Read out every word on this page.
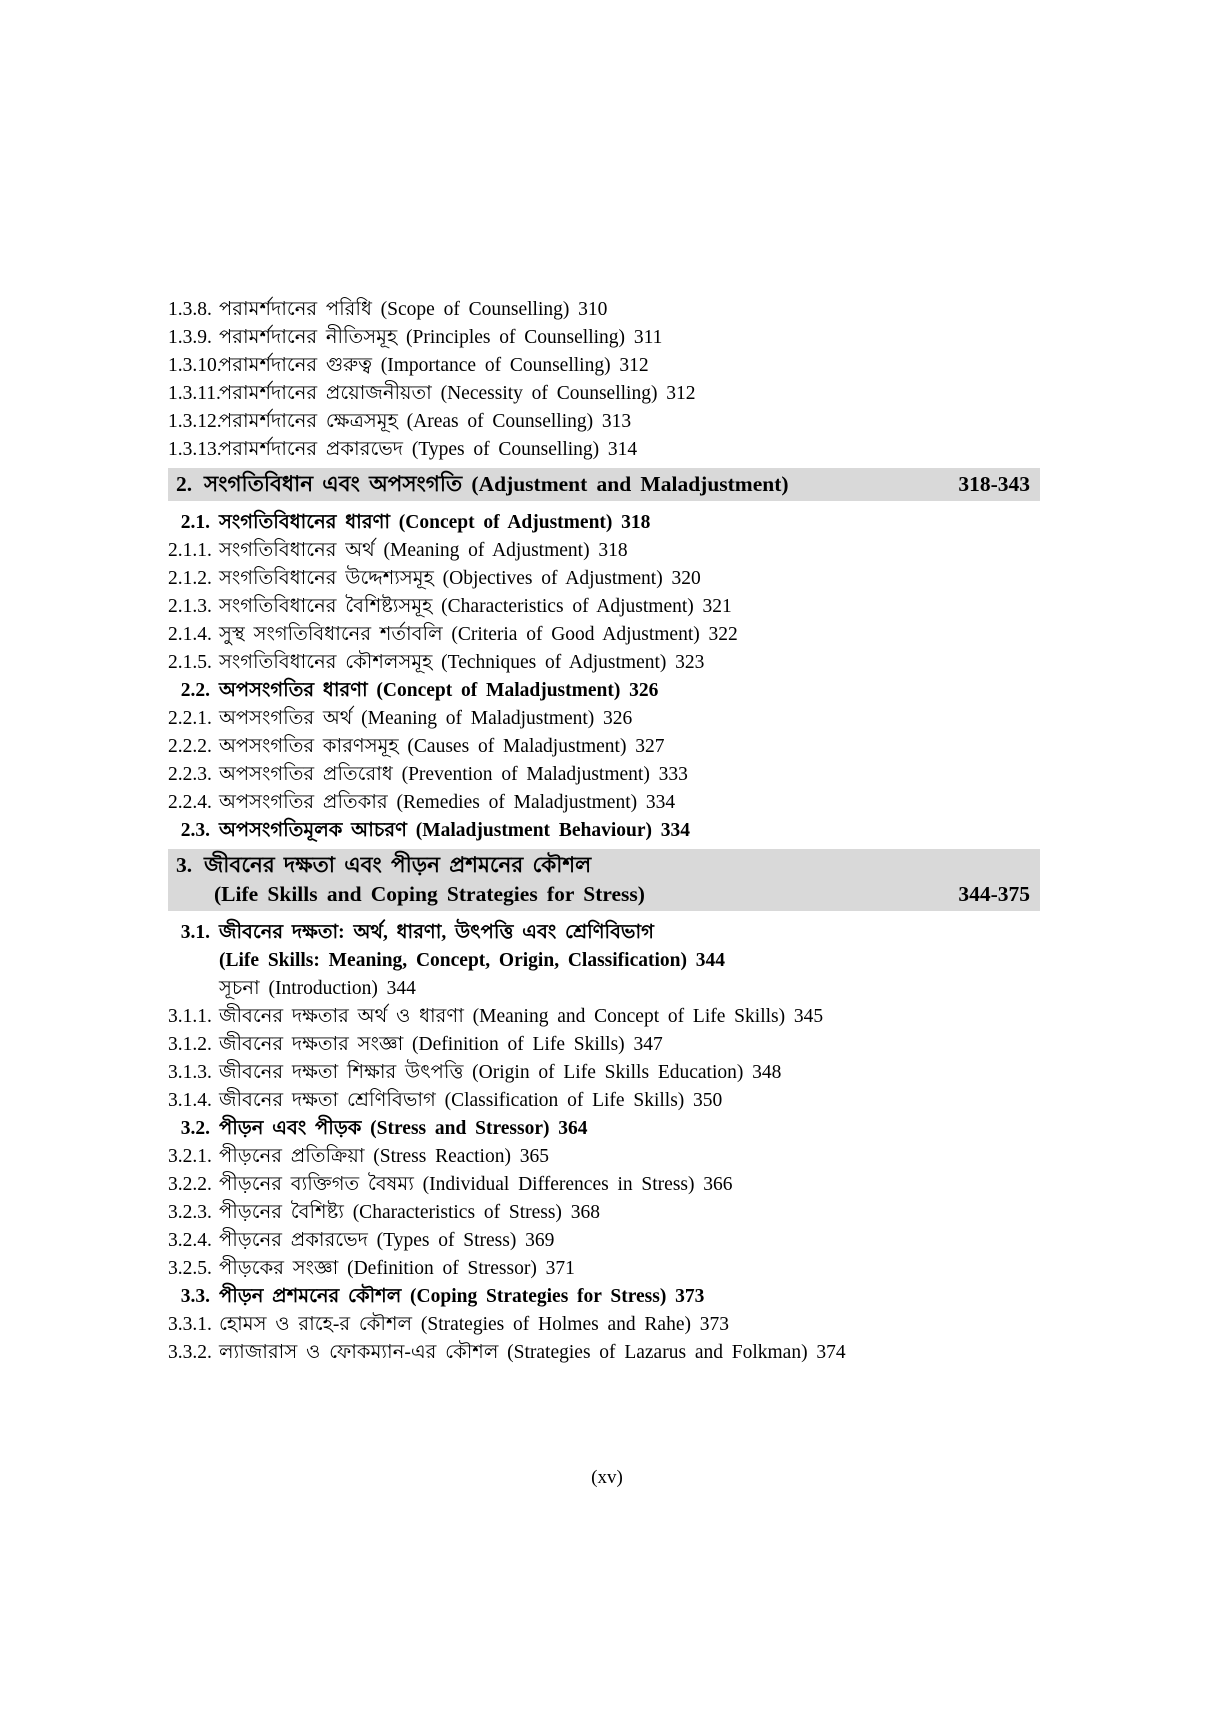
1.3.8. পরামর্শদানের পরিধি (Scope of Counselling) 310
1.3.9. পরামর্শদানের নীতিসমূহ (Principles of Counselling) 311
1.3.10.
পরামর্শদানের গুরুত্ব (Importance of Counselling) 312
1.3.11.
পরামর্শদানের প্রয়োজনীয়তা (Necessity of Counselling) 312
1.3.12.
পরামর্শদানের ক্ষেত্রসমূহ (Areas of Counselling) 313
1.3.13.
পরামর্শদানের প্রকারভেদ (Types of Counselling) 314
2. সংগতিবিধান এবং অপসংগতি (Adjustment and Maladjustment)	318-343
2.1. সংগতিবিধানের ধারণা (Concept of Adjustment) 318
2.1.1. সংগতিবিধানের অর্থ (Meaning of Adjustment) 318
2.1.2. সংগতিবিধানের উদ্দেশ্যসমূহ (Objectives of Adjustment) 320
2.1.3. সংগতিবিধানের বৈশিষ্ট্যসমূহ (Characteristics of Adjustment) 321
2.1.4. সুস্থ সংগতিবিধানের শর্তাবলি (Criteria of Good Adjustment) 322
2.1.5. সংগতিবিধানের কৌশলসমূহ (Techniques of Adjustment) 323
2.2. অপসংগতির ধারণা (Concept of Maladjustment) 326
2.2.1. অপসংগতির অর্থ (Meaning of Maladjustment) 326
2.2.2. অপসংগতির কারণসমূহ (Causes of Maladjustment) 327
2.2.3. অপসংগতির প্রতিরোধ (Prevention of Maladjustment) 333
2.2.4. অপসংগতির প্রতিকার (Remedies of Maladjustment) 334
2.3. অপসংগতিমূলক আচরণ (Maladjustment Behaviour) 334
3. জীবনের দক্ষতা এবং পীড়ন প্রশমনের কৌশল
(Life Skills and Coping Strategies for Stress)	344-375
3.1. জীবনের দক্ষতা: অর্থ, ধারণা, উৎপত্তি এবং শ্রেণিবিভাগ
(Life Skills: Meaning, Concept, Origin, Classification) 344
সূচনা (Introduction) 344
3.1.1. জীবনের দক্ষতার অর্থ ও ধারণা (Meaning and Concept of Life Skills) 345
3.1.2. জীবনের দক্ষতার সংজ্ঞা (Definition of Life Skills) 347
3.1.3. জীবনের দক্ষতা শিক্ষার উৎপত্তি (Origin of Life Skills Education) 348
3.1.4. জীবনের দক্ষতা শ্রেণিবিভাগ (Classification of Life Skills) 350
3.2. পীড়ন এবং পীড়ক (Stress and Stressor) 364
3.2.1. পীড়নের প্রতিক্রিয়া (Stress Reaction) 365
3.2.2. পীড়নের ব্যক্তিগত বৈষম্য (Individual Differences in Stress) 366
3.2.3. পীড়নের বৈশিষ্ট্য (Characteristics of Stress) 368
3.2.4. পীড়নের প্রকারভেদ (Types of Stress) 369
3.2.5. পীড়কের সংজ্ঞা (Definition of Stressor) 371
3.3. পীড়ন প্রশমনের কৌশল (Coping Strategies for Stress) 373
3.3.1. হোমস ও রাহে-র কৌশল (Strategies of Holmes and Rahe) 373
3.3.2. ল্যাজারাস ও ফোকম্যান-এর কৌশল (Strategies of Lazarus and Folkman) 374
(xv)
